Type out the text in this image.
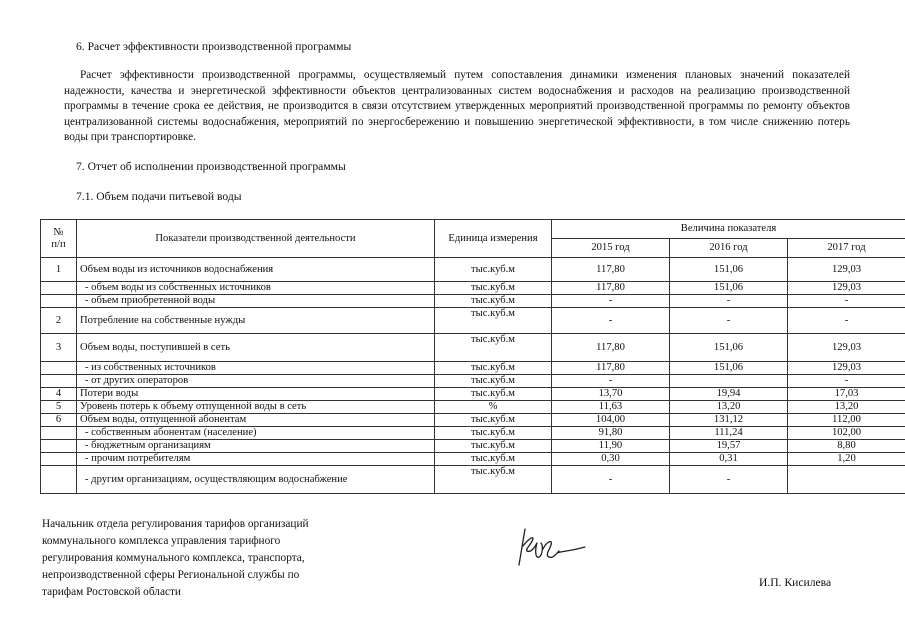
6. Расчет эффективности производственной программы

Расчет эффективности производственной программы, осуществляемый путем сопоставления динамики изменения плановых значений показателей надежности, качества и энергетической эффективности объектов централизованных систем водоснабжения и расходов на реализацию производственной программы в течение срока ее действия, не производится в связи отсутствием утвержденных мероприятий производственной программы по ремонту объектов централизованной системы водоснабжения, мероприятий по энергосбережению и повышению энергетической эффективности, в том числе снижению потерь воды при транспортировке.

7. Отчет об исполнении производственной программы
7.1. Объем подачи питьевой воды
№
п/п	Показатели производственной деятельности	Единица измерения	Величина показателя		
			2015 год	2016 год	2017 год
1	Объем воды из источников водоснабжения	тыс.куб.м	117,80	151,06	129,03
	- объем воды из собственных источников	тыс.куб.м	117,80	151,06	129,03
	- объем приобретенной воды	тыс.куб.м	-	-	-
2	Потребление на собственные нужды	тыс.куб.м	-	-	-
3	Объем воды, поступившей в сеть	тыс.куб.м	117,80	151,06	129,03
	- из собственных источников	тыс.куб.м	117,80	151,06	129,03
	- от других операторов	тыс.куб.м	-		-
4	Потери воды	тыс.куб.м	13,70	19,94	17,03
5	Уровень потерь к объему отпущенной воды в сеть	%	11,63	13,20	13,20
6	Объем воды, отпущенной абонентам	тыс.куб.м	104,00	131,12	112,00
	- собственным абонентам (население)	тыс.куб.м	91,80	111,24	102,00
	- бюджетным организациям	тыс.куб.м	11,90	19,57	8,80
	- прочим потребителям	тыс.куб.м	0,30	0,31	1,20
	- другим организациям, осуществляющим водоснабжение	тыс.куб.м	-	-	
Начальник отдела регулирования тарифов организаций
коммунального комплекса управления тарифного
регулирования коммунального комплекса, транспорта,
непроизводственной сферы Региональной службы по
тарифам Ростовской области
И.П. Кисилева
